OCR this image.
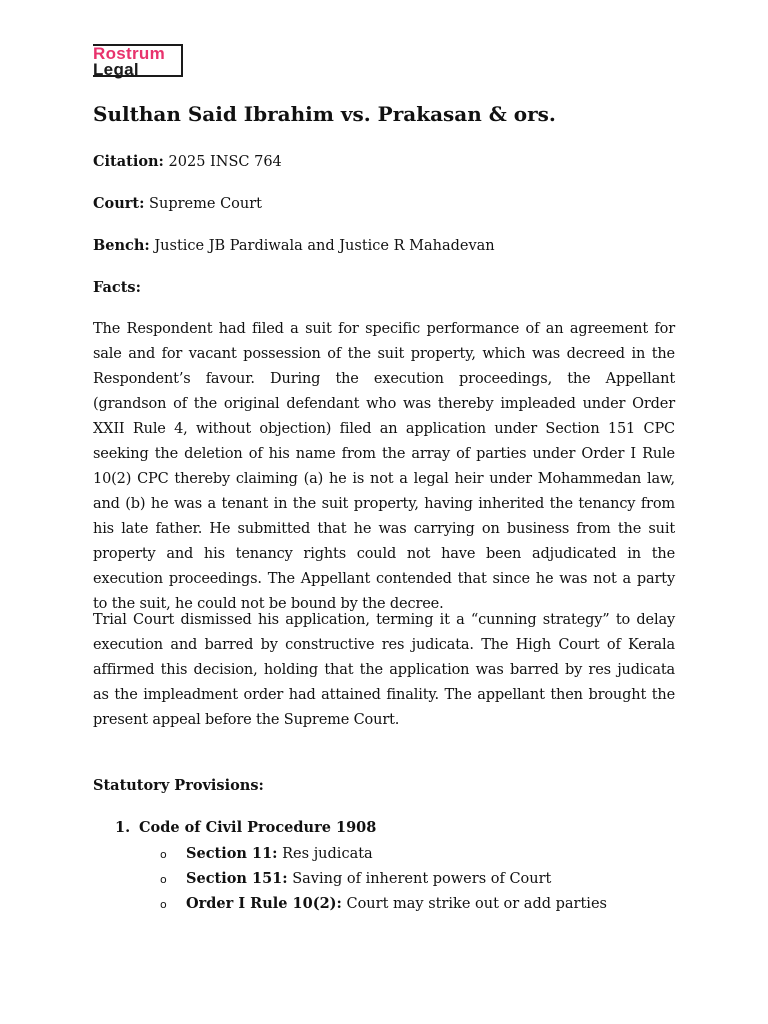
Rostrum
Legal
Sulthan Said Ibrahim vs. Prakasan & ors.

Citation: 2025 INSC 764

Court: Supreme Court

Bench: Justice JB Pardiwala and Justice R Mahadevan

Facts:

The Respondent had filed a suit for specific performance of an agreement for sale and for vacant possession of the suit property, which was decreed in the Respondent’s favour. During the execution proceedings, the Appellant (grandson of the original defendant who was thereby impleaded under Order XXII Rule 4, without objection) filed an application under Section 151 CPC seeking the deletion of his name from the array of parties under Order I Rule 10(2) CPC thereby claiming (a) he is not a legal heir under Mohammedan law, and (b) he was a tenant in the suit property, having inherited the tenancy from his late father. He submitted that he was carrying on business from the suit property and his tenancy rights could not have been adjudicated in the execution proceedings. The Appellant contended that since he was not a party to the suit, he could not be bound by the decree.

Trial Court dismissed his application, terming it a “cunning strategy” to delay execution and barred by constructive res judicata. The High Court of Kerala affirmed this decision, holding that the application was barred by res judicata as the impleadment order had attained finality. The appellant then brought the present appeal before the Supreme Court.

Statutory Provisions:

1. Code of Civil Procedure 1908
o Section 11: Res judicata
o Section 151: Saving of inherent powers of Court
o Order I Rule 10(2): Court may strike out or add parties
